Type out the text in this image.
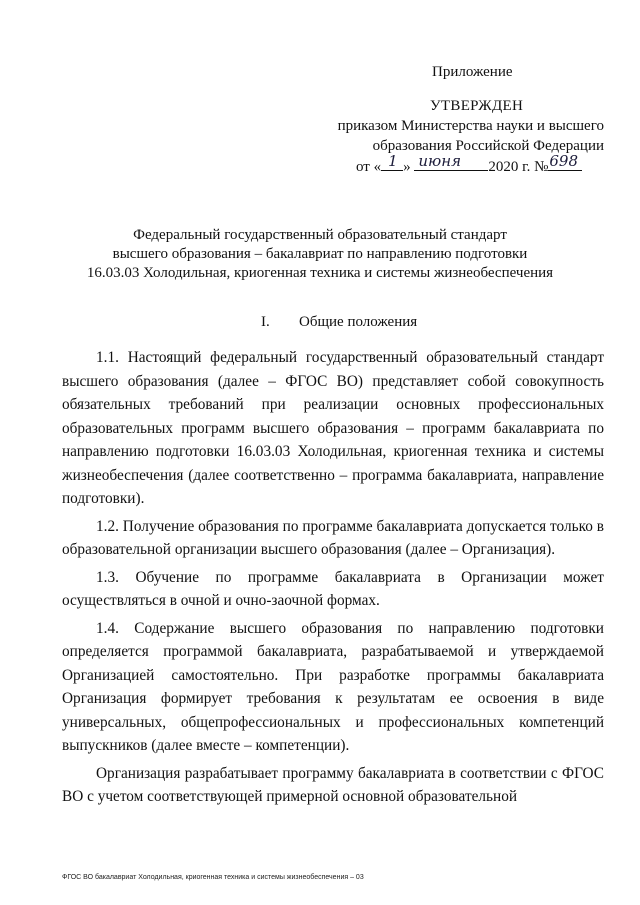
Приложение
УТВЕРЖДЕН
приказом Министерства науки и высшего
образования Российской Федерации
от « 1 » июня 2020 г. № 698
Федеральный государственный образовательный стандарт
высшего образования – бакалавриат по направлению подготовки
16.03.03 Холодильная, криогенная техника и системы жизнеобеспечения
I. Общие положения

1.1. Настоящий федеральный государственный образовательный стандарт высшего образования (далее – ФГОС ВО) представляет собой совокупность обязательных требований при реализации основных профессиональных образовательных программ высшего образования – программ бакалавриата по направлению подготовки 16.03.03 Холодильная, криогенная техника и системы жизнеобеспечения (далее соответственно – программа бакалавриата, направление подготовки).

1.2. Получение образования по программе бакалавриата допускается только в образовательной организации высшего образования (далее – Организация).

1.3. Обучение по программе бакалавриата в Организации может осуществляться в очной и очно-заочной формах.

1.4. Содержание высшего образования по направлению подготовки определяется программой бакалавриата, разрабатываемой и утверждаемой Организацией самостоятельно. При разработке программы бакалавриата Организация формирует требования к результатам ее освоения в виде универсальных, общепрофессиональных и профессиональных компетенций выпускников (далее вместе – компетенции).

Организация разрабатывает программу бакалавриата в соответствии с ФГОС ВО с учетом соответствующей примерной основной образовательной

ФГОС ВО бакалавриат Холодильная, криогенная техника и системы жизнеобеспечения – 03
